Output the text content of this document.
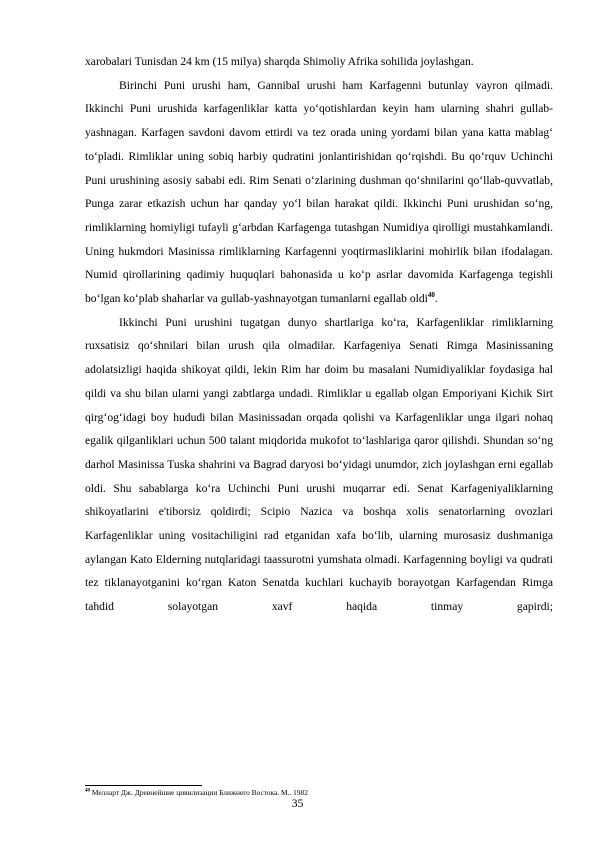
xarobalari Tunisdan 24 km (15 milya) sharqda Shimoliy Afrika sohilida joylashgan.

Birinchi Puni urushi ham, Gannibal urushi ham Karfagenni butunlay vayron qilmadi. Ikkinchi Puni urushida karfagenliklar katta yo‘qotishlardan keyin ham ularning shahri gullab-yashnagan. Karfagen savdoni davom ettirdi va tez orada uning yordami bilan yana katta mablag‘ to‘pladi. Rimliklar uning sobiq harbiy qudratini jonlantirishidan qo‘rqishdi. Bu qo‘rquv Uchinchi Puni urushining asosiy sababi edi. Rim Senati o‘zlarining dushman qo‘shnilarini qo‘llab-quvvatlab, Punga zarar etkazish uchun har qanday yo‘l bilan harakat qildi. Ikkinchi Puni urushidan so‘ng, rimliklarning homiyligi tufayli g‘arbdan Karfagenga tutashgan Numidiya qirolligi mustahkamlandi. Uning hukmdori Masinissa rimliklarning Karfagenni yoqtirmasliklarini mohirlik bilan ifodalagan. Numid qirollarining qadimiy huquqlari bahonasida u ko‘p asrlar davomida Karfagenga tegishli bo‘lgan ko‘plab shaharlar va gullab-yashnayotgan tumanlarni egallab oldi$^{40}$.

Ikkinchi Puni urushini tugatgan dunyo shartlariga ko‘ra, Karfagenliklar rimliklarning ruxsatisiz qo‘shnilari bilan urush qila olmadilar. Karfageniya Senati Rimga Masinissaning adolatsizligi haqida shikoyat qildi, lekin Rim har doim bu masalani Numidiyaliklar foydasiga hal qildi va shu bilan ularni yangi zabtlarga undadi. Rimliklar u egallab olgan Emporiyani Kichik Sirt qirg‘og‘idagi boy hududi bilan Masinissadan orqada qolishi va Karfagenliklar unga ilgari nohaq egalik qilganliklari uchun 500 talant miqdorida mukofot to‘lashlariga qaror qilishdi. Shundan so‘ng darhol Masinissa Tuska shahrini va Bagrad daryosi bo‘yidagi unumdor, zich joylashgan erni egallab oldi. Shu sabablarga ko‘ra Uchinchi Puni urushi muqarrar edi. Senat Karfageniyaliklarning shikoyatlarini e'tiborsiz qoldirdi; Scipio Nazica va boshqa xolis senatorlarning ovozlari Karfagenliklar uning vositachiligini rad etganidan xafa bo‘lib, ularning murosasiz dushmaniga aylangan Kato Elderning nutqlaridagi taassurotni yumshata olmadi. Karfagenning boyligi va qudrati tez tiklanayotganini ko‘rgan Katon Senatda kuchlari kuchayib borayotgan Karfagendan Rimga tahdid solayotgan xavf haqida tinmay gapirdi;

$^{40}$ Мелларт Дж. Древнейшие цивилизации Ближнего Востока. М.. 1982
35
